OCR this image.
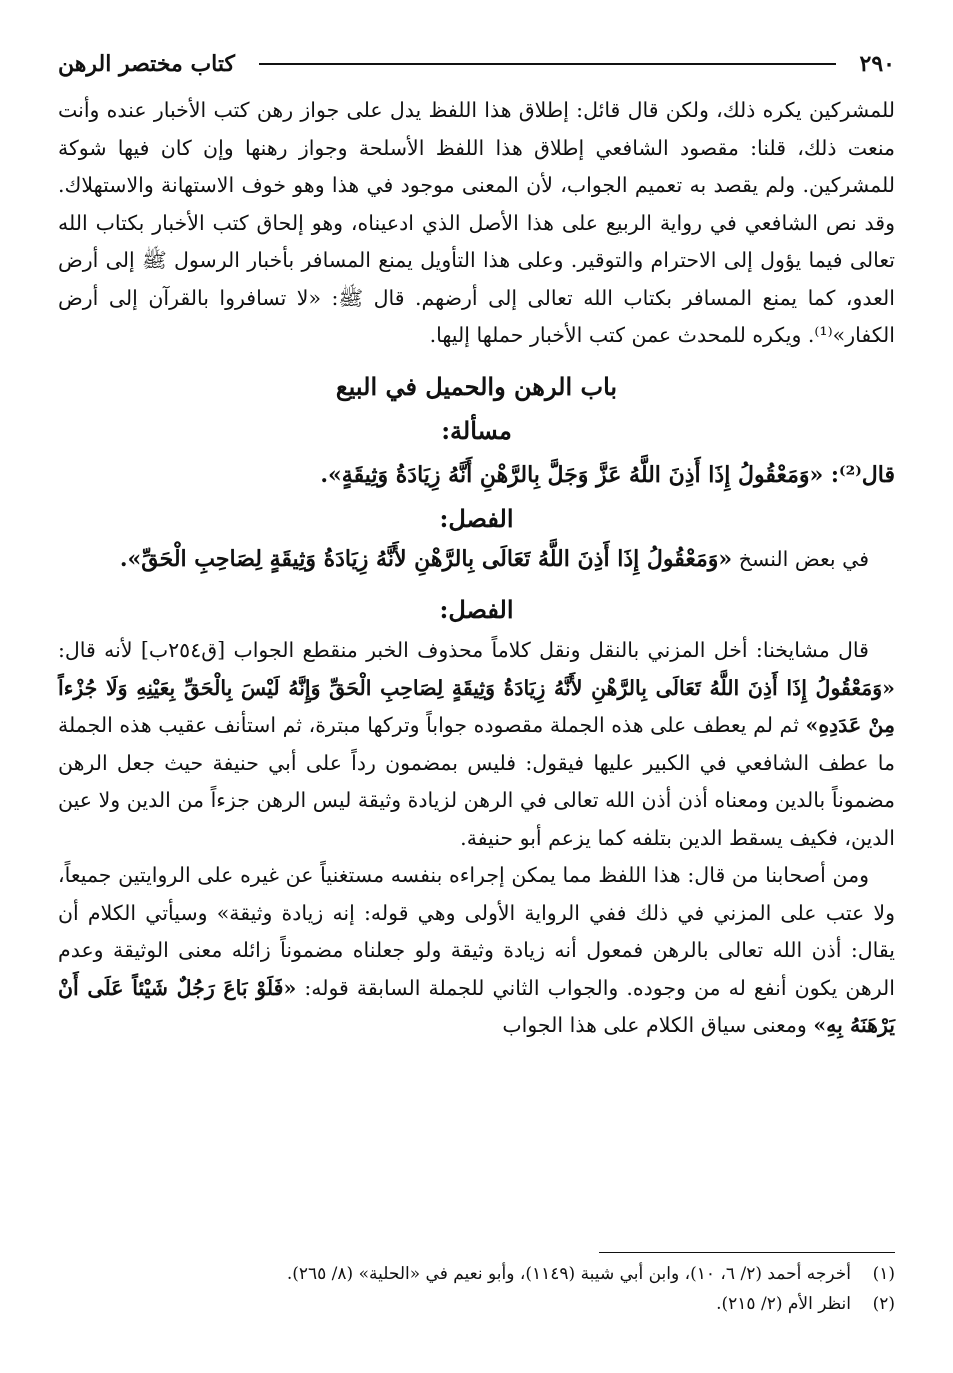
٢٩٠
كتاب مختصر الرهن

للمشركين يكره ذلك، ولكن قال قائل: إطلاق هذا اللفظ يدل على جواز رهن كتب الأخبار عنده وأنت منعت ذلك، قلنا: مقصود الشافعي إطلاق هذا اللفظ الأسلحة وجواز رهنها وإن كان فيها شوكة للمشركين. ولم يقصد به تعميم الجواب، لأن المعنى موجود في هذا وهو خوف الاستهانة والاستهلاك. وقد نص الشافعي في رواية الربيع على هذا الأصل الذي ادعيناه، وهو إلحاق كتب الأخبار بكتاب الله تعالى فيما يؤول إلى الاحترام والتوقير. وعلى هذا التأويل يمنع المسافر بأخبار الرسول ﷺ إلى أرض العدو، كما يمنع المسافر بكتاب الله تعالى إلى أرضهم. قال ﷺ: «لا تسافروا بالقرآن إلى أرض الكفار»⁽¹⁾. ويكره للمحدث عمن كتب الأخبار حملها إليها.

باب الرهن والحميل في البيع

مسألة:

قال⁽²⁾: «وَمَعْقُولُ إِذَا أَذِنَ اللَّهُ عَزَّ وَجَلَّ بِالرَّهْنِ أَنَّهُ زِيَادَةُ وَثِيقَةٍ».

الفصل:

في بعض النسخ «وَمَعْقُولُ إِذَا أَذِنَ اللَّهُ تَعَالَى بِالرَّهْنِ لأَنَّهُ زِيَادَةُ وَثِيقَةٍ لِصَاحِبِ الْحَقِّ».

الفصل:

قال مشايخنا: أخل المزني بالنقل ونقل كلاماً محذوف الخبر منقطع الجواب [ق٢٥٤ب] لأنه قال: «وَمَعْقُولُ إِذَا أَذِنَ اللَّهُ تَعَالَى بِالرَّهْنِ لأَنَّهُ زِيَادَةُ وَثِيقَةٍ لِصَاحِبِ الْحَقِّ وَإِنَّهُ لَيْسَ بِالْحَقِّ بِعَيْنِهِ وَلَا جُزْءاً مِنْ عَدَدِهِ» ثم لم يعطف على هذه الجملة مقصوده جواباً وتركها مبترة، ثم استأنف عقيب هذه الجملة ما عطف الشافعي في الكبير عليها فيقول: فليس بمضمون رداً على أبي حنيفة حيث جعل الرهن مضموناً بالدين ومعناه أذن أذن الله تعالى في الرهن لزيادة وثيقة ليس الرهن جزءاً من الدين ولا عين الدين، فكيف يسقط الدين بتلفه كما يزعم أبو حنيفة.

ومن أصحابنا من قال: هذا اللفظ مما يمكن إجراءه بنفسه مستغنياً عن غيره على الروايتين جميعاً، ولا عتب على المزني في ذلك ففي الرواية الأولى وهي قوله: إنه زيادة وثيقة» وسيأتي الكلام أن يقال: أذن الله تعالى بالرهن فمعول أنه زيادة وثيقة ولو جعلناه مضموناً زائله معنى الوثيقة وعدم الرهن يكون أنفع له من وجوده. والجواب الثاني للجملة السابقة قوله: «فَلَوْ بَاعَ رَجُلٌ شَيْئاً عَلَى أَنْ يَرْهَنَهُ بِهِ» ومعنى سياق الكلام على هذا الجواب

(١)
أخرجه أحمد (٢/ ٦، ١٠)، وابن أبي شيبة (١١٤٩)، وأبو نعيم في «الحلية» (٨/ ٢٦٥).
(٢)
انظر الأم (٢/ ٢١٥).
